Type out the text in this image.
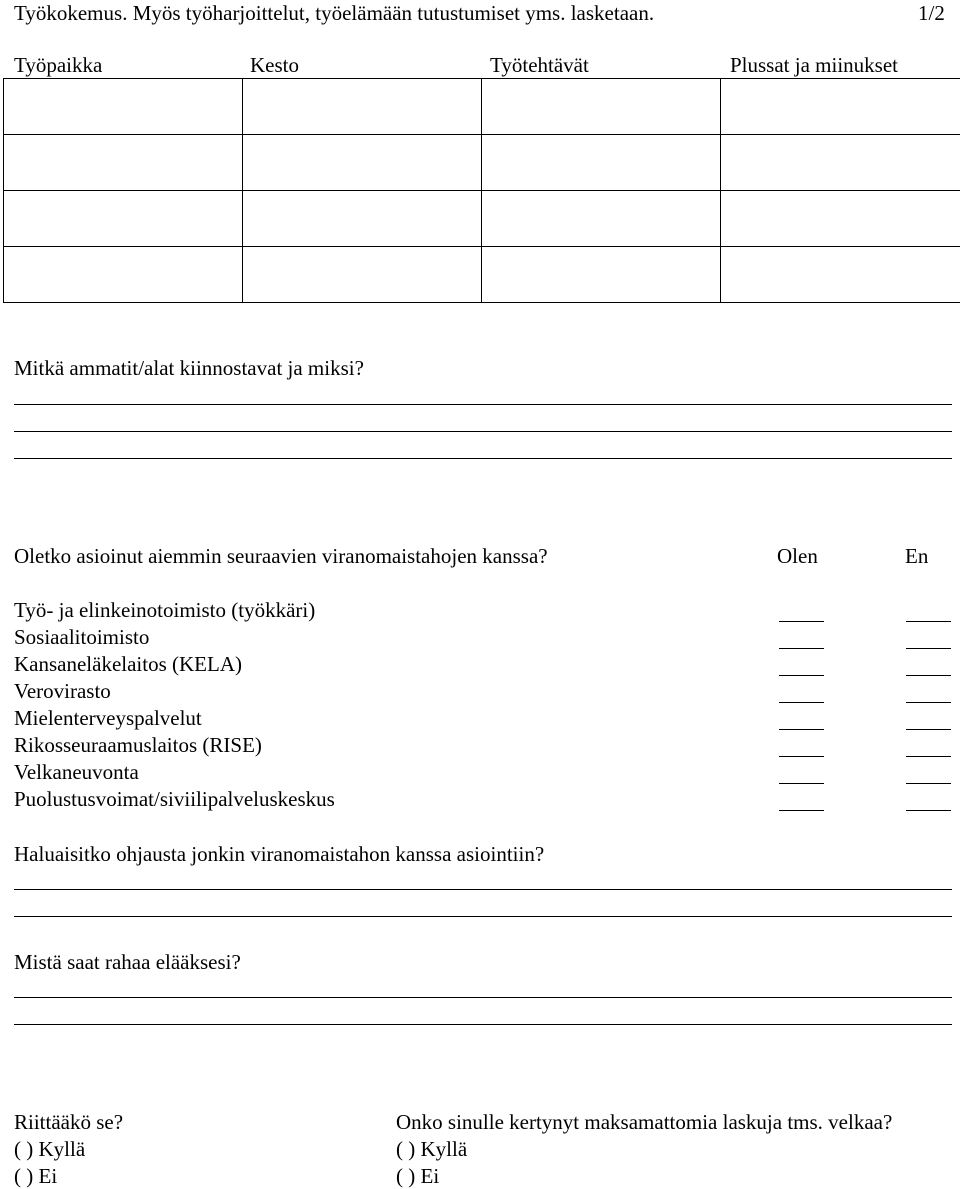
Työkokemus. Myös työharjoittelut, työelämään tutustumiset yms. lasketaan.	1/2
Työpaikka	Kesto	Työtehtävät	Plussat ja miinukset

Mitkä ammatit/alat kiinnostavat ja miksi?
Oletko asioinut aiemmin seuraavien viranomaistahojen kanssa?	Olen	En
Työ- ja elinkeinotoimisto (työkkäri)
Sosiaalitoimisto
Kansaneläkelaitos (KELA)
Verovirasto
Mielenterveyspalvelut
Rikosseuraamuslaitos (RISE)
Velkaneuvonta
Puolustusvoimat/siviilipalveluskeskus
Haluaisitko ohjausta jonkin viranomaistahon kanssa asiointiin?
Mistä saat rahaa elääksesi?
Riittääkö se?
( ) Kyllä
( ) Ei
Onko sinulle kertynyt maksamattomia laskuja tms. velkaa?
( ) Kyllä
( ) Ei
